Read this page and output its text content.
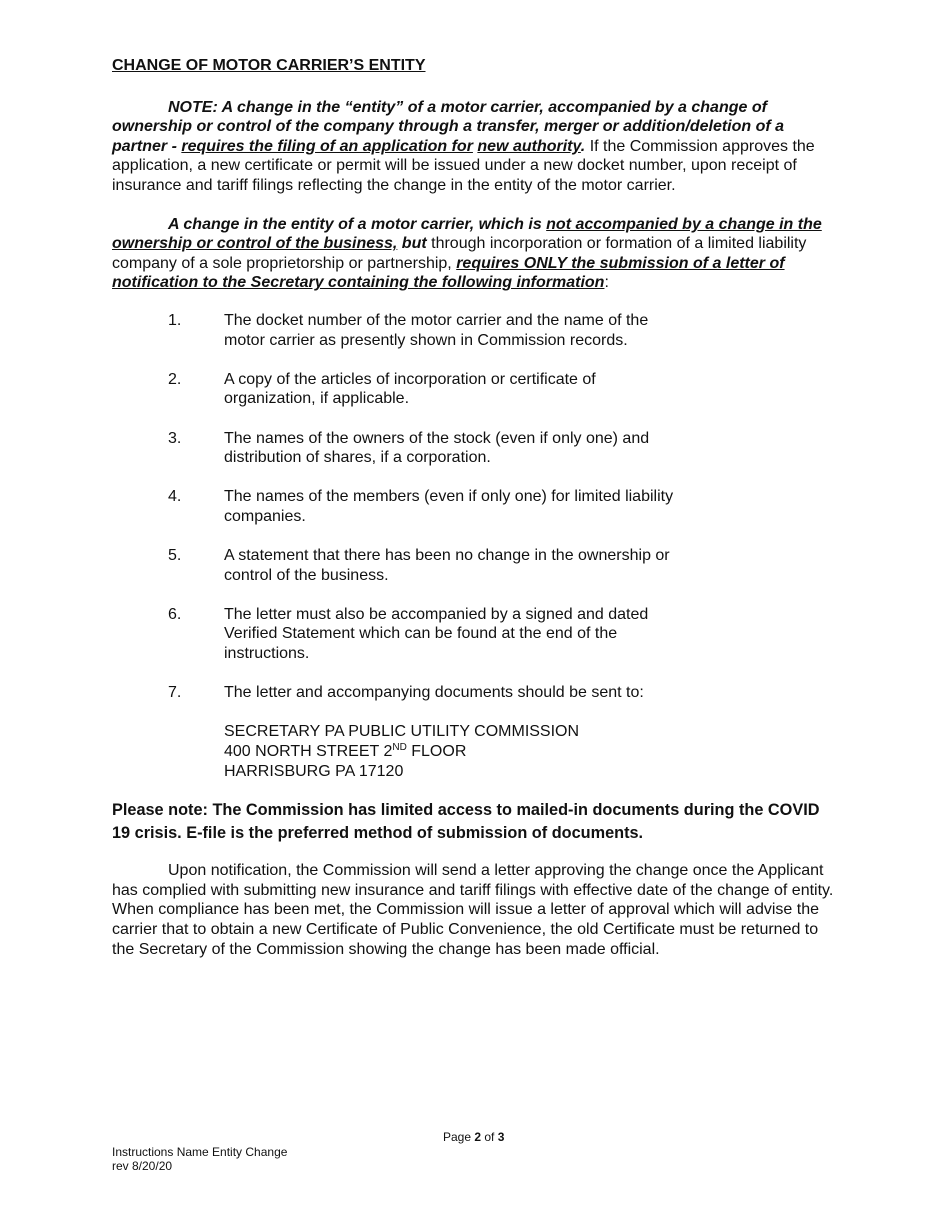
CHANGE OF MOTOR CARRIER’S ENTITY

NOTE: A change in the “entity” of a motor carrier, accompanied by a change of ownership or control of the company through a transfer, merger or addition/deletion of a partner - requires the filing of an application for new authority. If the Commission approves the application, a new certificate or permit will be issued under a new docket number, upon receipt of insurance and tariff filings reflecting the change in the entity of the motor carrier.

A change in the entity of a motor carrier, which is not accompanied by a change in the ownership or control of the business, but through incorporation or formation of a limited liability company of a sole proprietorship or partnership, requires ONLY the submission of a letter of notification to the Secretary containing the following information:

1.	The docket number of the motor carrier and the name of the motor carrier as presently shown in Commission records.
2.	A copy of the articles of incorporation or certificate of organization, if applicable.
3.	The names of the owners of the stock (even if only one) and distribution of shares, if a corporation.
4.	The names of the members (even if only one) for limited liability companies.
5.	A statement that there has been no change in the ownership or control of the business.
6.	The letter must also be accompanied by a signed and dated Verified Statement which can be found at the end of the instructions.
7.	The letter and accompanying documents should be sent to:
SECRETARY PA PUBLIC UTILITY COMMISSION
400 NORTH STREET 2ND FLOOR
HARRISBURG PA 17120

Please note: The Commission has limited access to mailed-in documents during the COVID 19 crisis. E-file is the preferred method of submission of documents.

Upon notification, the Commission will send a letter approving the change once the Applicant has complied with submitting new insurance and tariff filings with effective date of the change of entity. When compliance has been met, the Commission will issue a letter of approval which will advise the carrier that to obtain a new Certificate of Public Convenience, the old Certificate must be returned to the Secretary of the Commission showing the change has been made official.

Page 2 of 3
Instructions Name Entity Change
rev 8/20/20
